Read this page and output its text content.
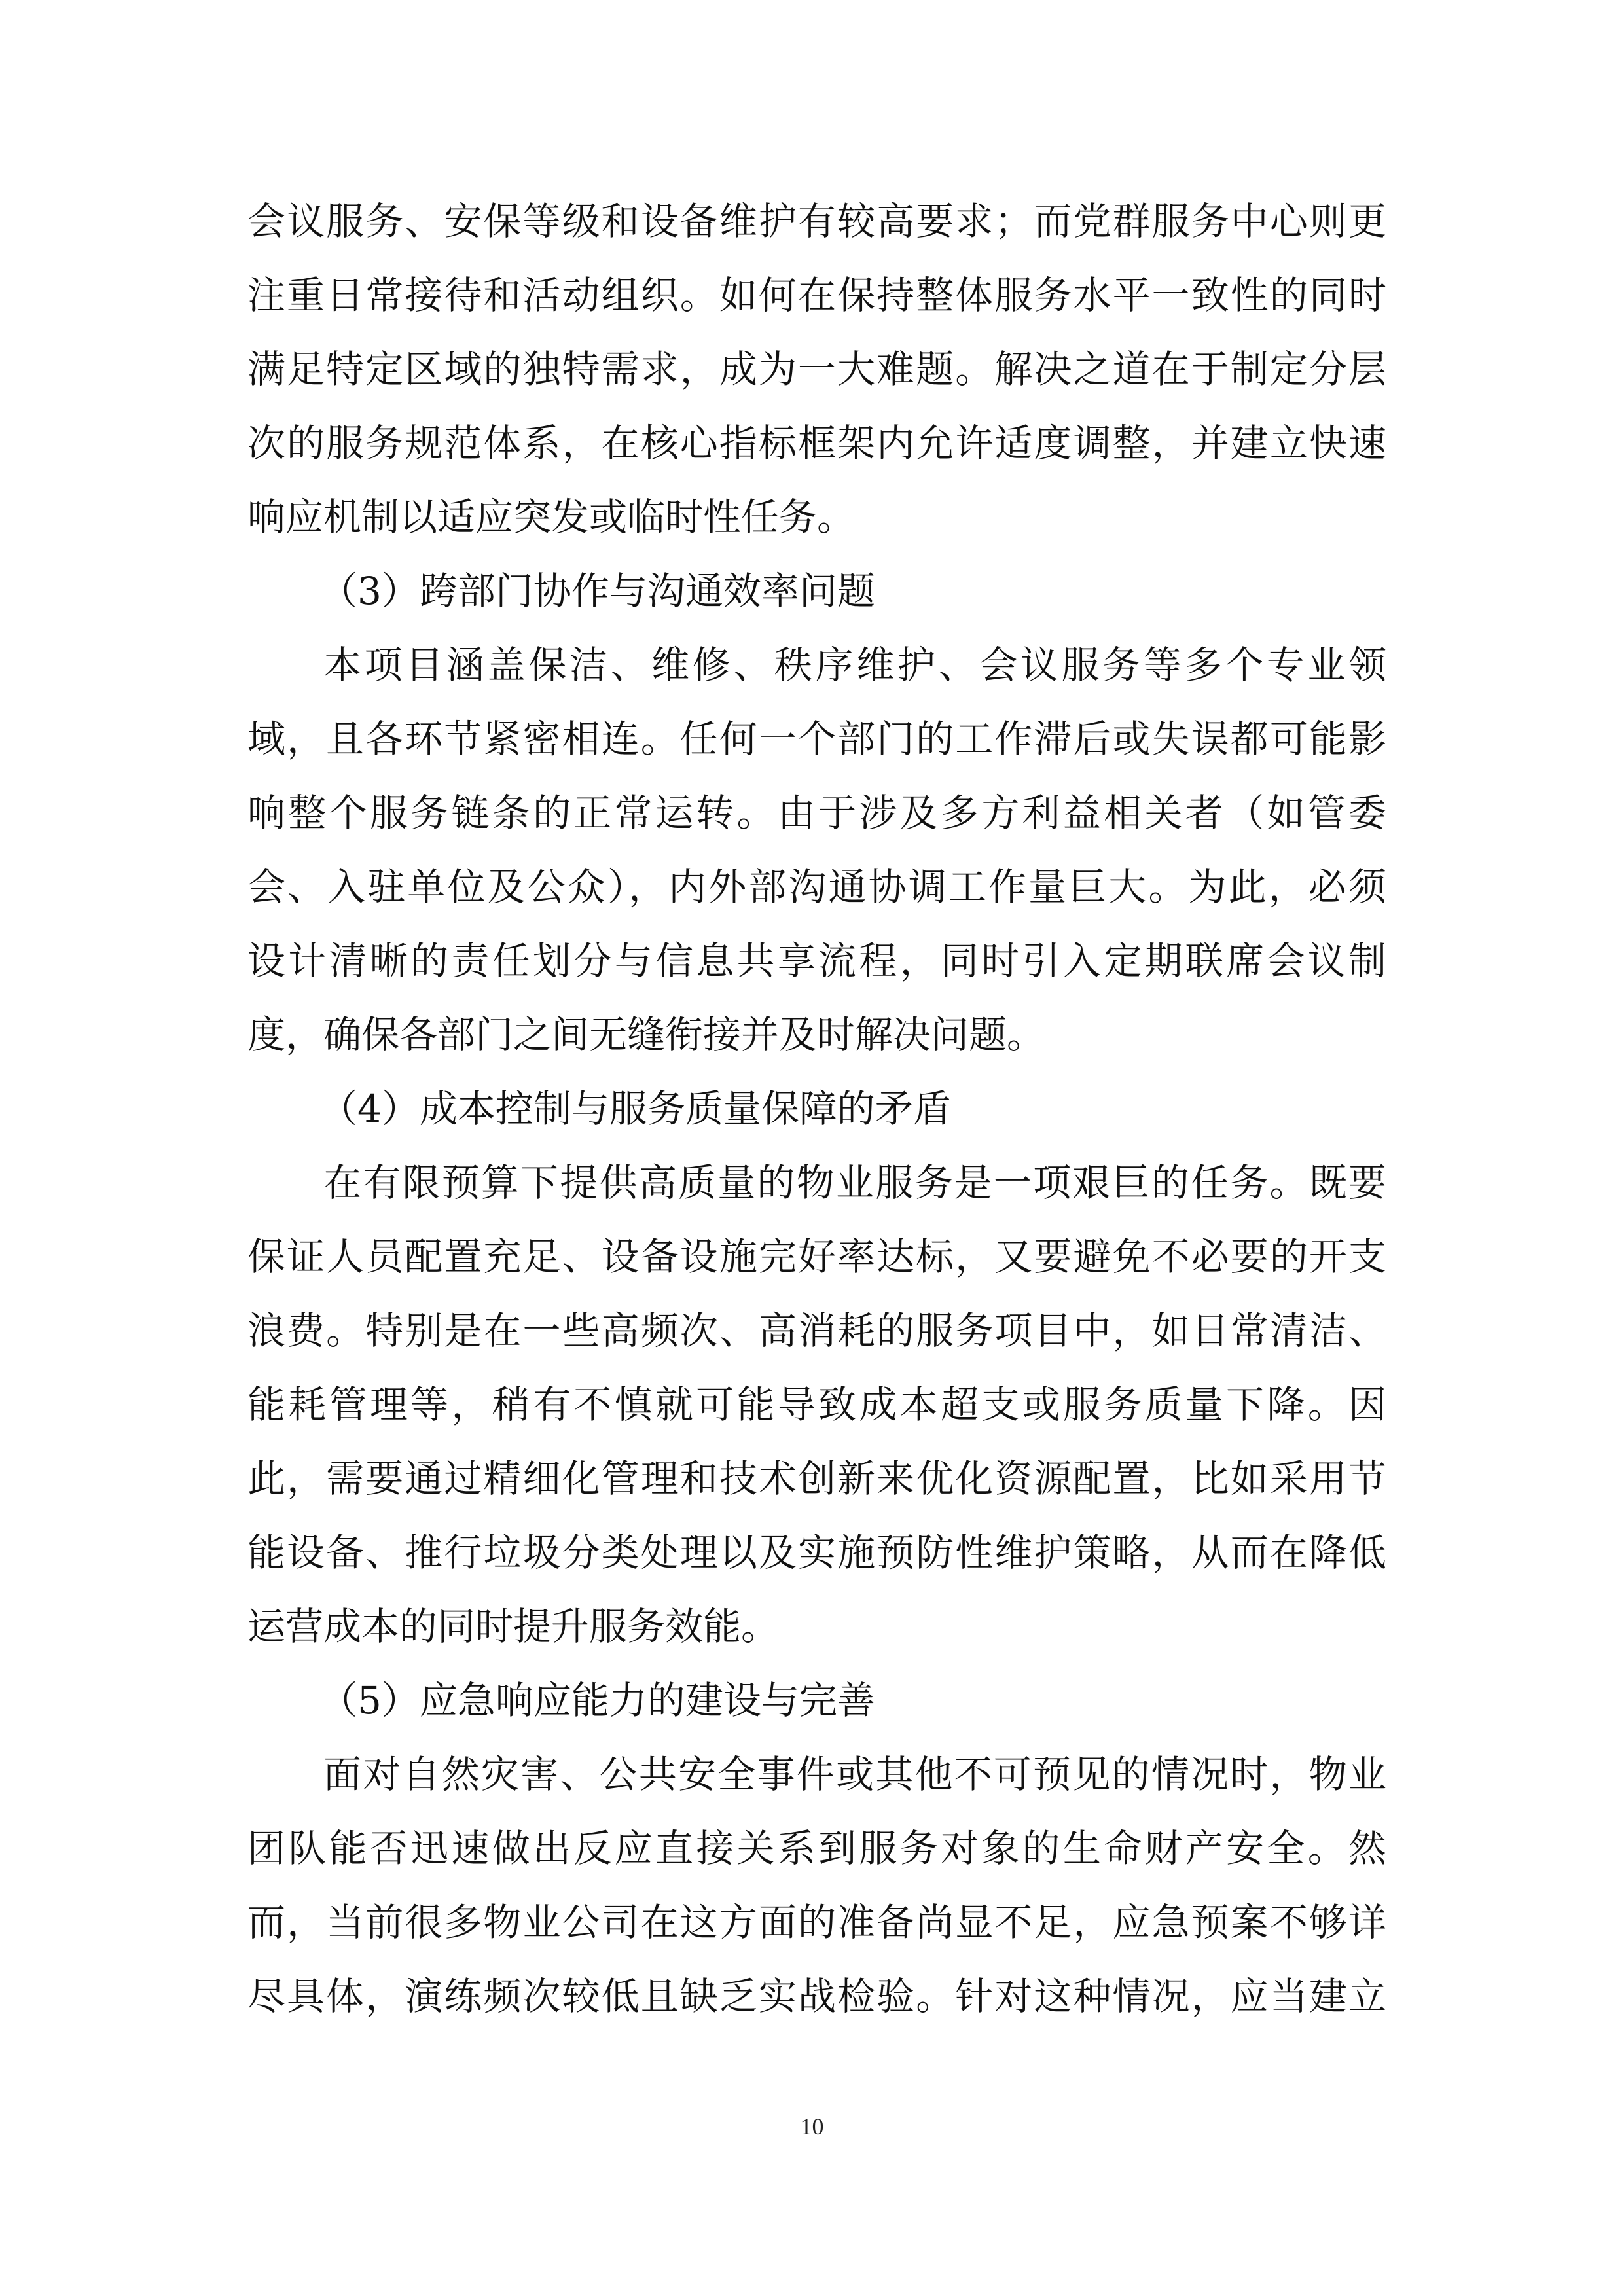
会议服务、安保等级和设备维护有较高要求；而党群服务中心则更
注重日常接待和活动组织。如何在保持整体服务水平一致性的同时
满足特定区域的独特需求，成为一大难题。解决之道在于制定分层
次的服务规范体系，在核心指标框架内允许适度调整，并建立快速
响应机制以适应突发或临时性任务。
（3）跨部门协作与沟通效率问题
本项目涵盖保洁、维修、秩序维护、会议服务等多个专业领
域，且各环节紧密相连。任何一个部门的工作滞后或失误都可能影
响整个服务链条的正常运转。由于涉及多方利益相关者（如管委
会、入驻单位及公众），内外部沟通协调工作量巨大。为此，必须
设计清晰的责任划分与信息共享流程，同时引入定期联席会议制
度，确保各部门之间无缝衔接并及时解决问题。
（4）成本控制与服务质量保障的矛盾
在有限预算下提供高质量的物业服务是一项艰巨的任务。既要
保证人员配置充足、设备设施完好率达标，又要避免不必要的开支
浪费。特别是在一些高频次、高消耗的服务项目中，如日常清洁、
能耗管理等，稍有不慎就可能导致成本超支或服务质量下降。因
此，需要通过精细化管理和技术创新来优化资源配置，比如采用节
能设备、推行垃圾分类处理以及实施预防性维护策略，从而在降低
运营成本的同时提升服务效能。
（5）应急响应能力的建设与完善
面对自然灾害、公共安全事件或其他不可预见的情况时，物业
团队能否迅速做出反应直接关系到服务对象的生命财产安全。然
而，当前很多物业公司在这方面的准备尚显不足，应急预案不够详
尽具体，演练频次较低且缺乏实战检验。针对这种情况，应当建立
10
